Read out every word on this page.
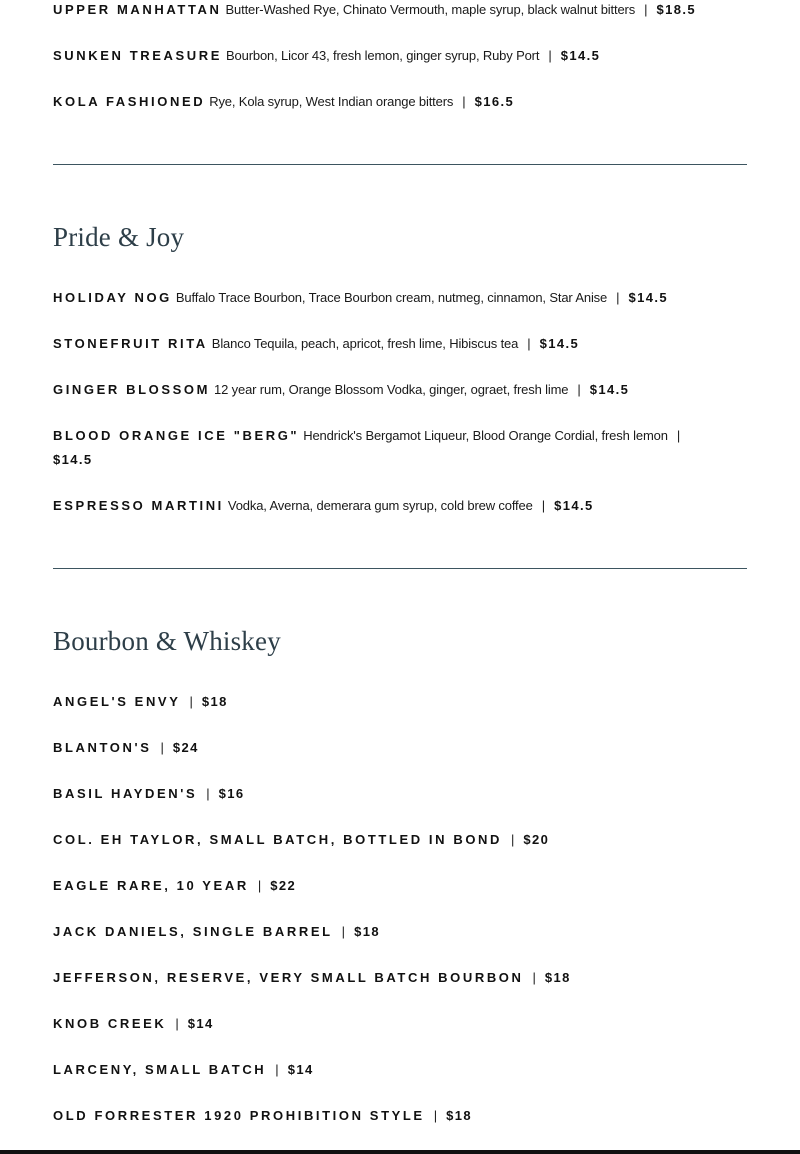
UPPER MANHATTAN Butter-Washed Rye, Chinato Vermouth, maple syrup, black walnut bitters | $18.5
SUNKEN TREASURE Bourbon, Licor 43, fresh lemon, ginger syrup, Ruby Port | $14.5
KOLA FASHIONED Rye, Kola syrup, West Indian orange bitters | $16.5
Pride & Joy
HOLIDAY NOG Buffalo Trace Bourbon, Trace Bourbon cream, nutmeg, cinnamon, Star Anise | $14.5
STONEFRUIT RITA Blanco Tequila, peach, apricot, fresh lime, Hibiscus tea | $14.5
GINGER BLOSSOM 12 year rum, Orange Blossom Vodka, ginger, ograet, fresh lime | $14.5
BLOOD ORANGE ICE "BERG" Hendrick's Bergamot Liqueur, Blood Orange Cordial, fresh lemon |
$14.5
ESPRESSO MARTINI Vodka, Averna, demerara gum syrup, cold brew coffee | $14.5
Bourbon & Whiskey
ANGEL'S ENVY | $18
BLANTON'S | $24
BASIL HAYDEN'S | $16
COL. EH TAYLOR, SMALL BATCH, BOTTLED IN BOND | $20
EAGLE RARE, 10 YEAR | $22
JACK DANIELS, SINGLE BARREL | $18
JEFFERSON, RESERVE, VERY SMALL BATCH BOURBON | $18
KNOB CREEK | $14
LARCENY, SMALL BATCH | $14
OLD FORRESTER 1920 PROHIBITION STYLE | $18
